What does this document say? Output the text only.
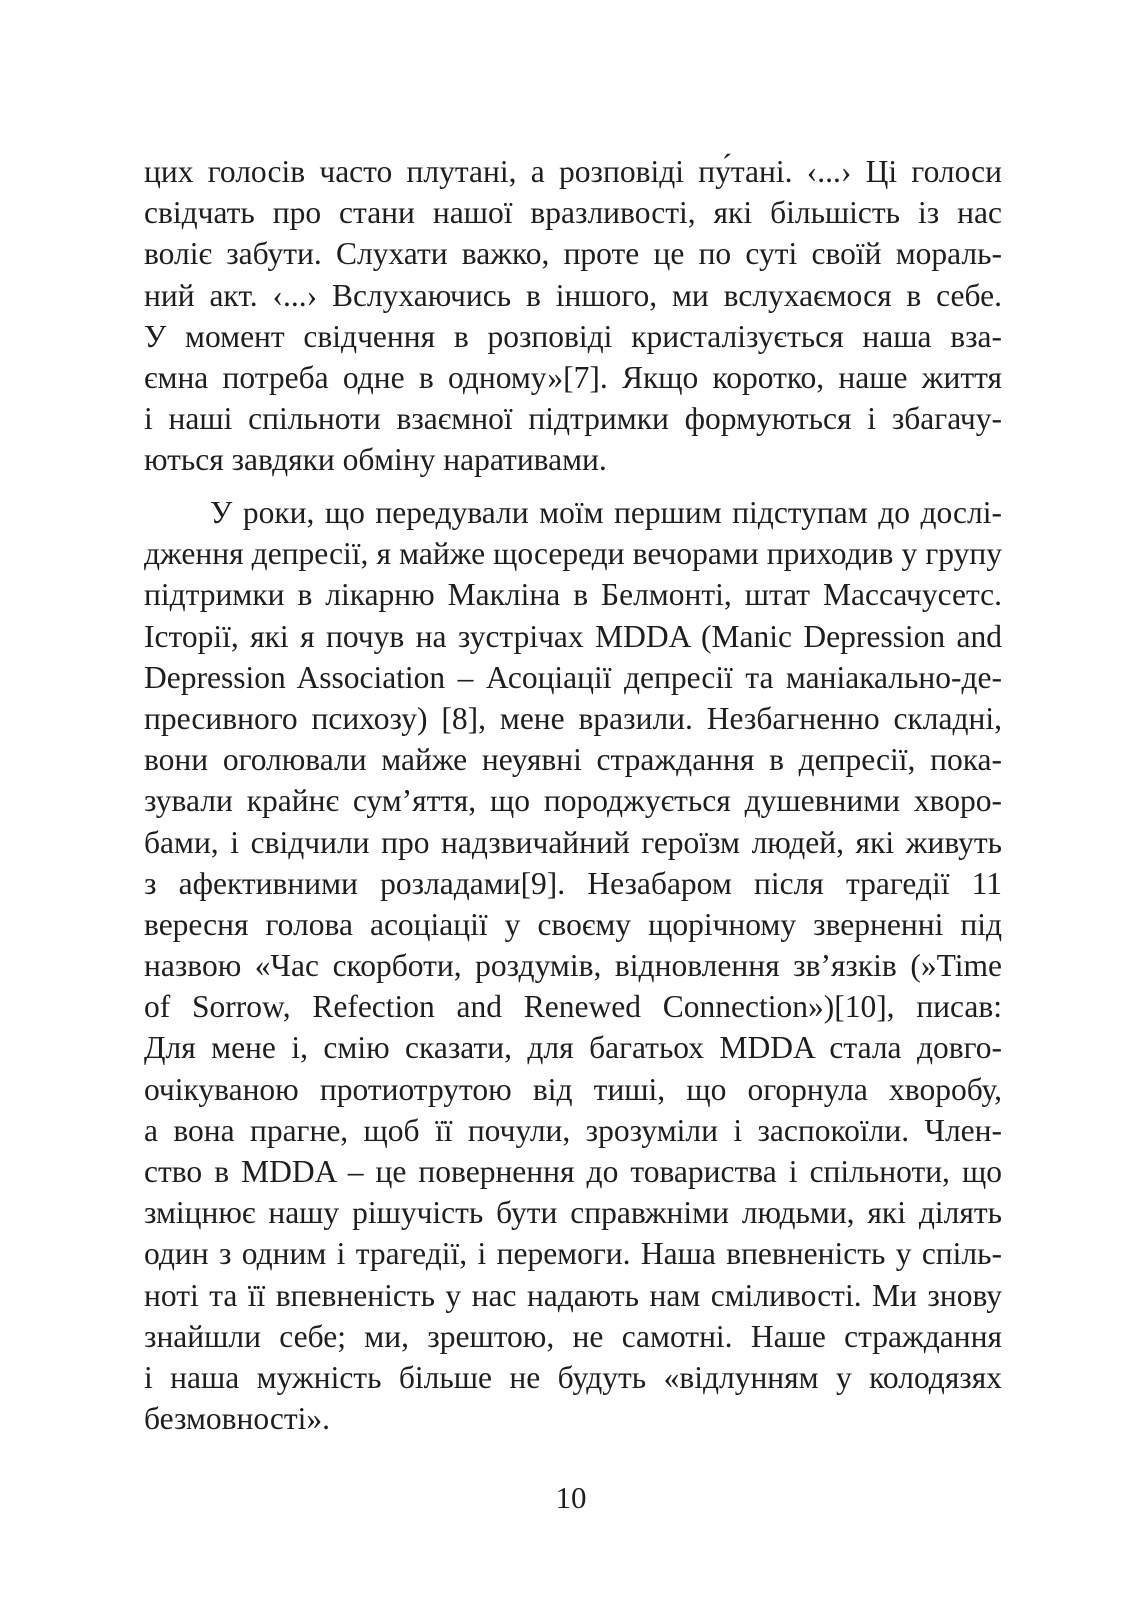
цих голосів часто плутані, а розповіді пу́тані. ‹...› Ці голоси
свідчать про стани нашої вразливості, які більшість із нас
воліє забути. Слухати важко, проте це по суті своїй мораль-
ний акт. ‹...› Вслухаючись в іншого, ми вслухаємося в себе.
У момент свідчення в розповіді кристалізується наша вза-
ємна потреба одне в одному»[7]. Якщо коротко, наше життя
і наші спільноти взаємної підтримки формуються і збагачу-
ються завдяки обміну наративами.
У роки, що передували моїм першим підступам до дослі-
дження депресії, я майже щосереди вечорами приходив у групу
підтримки в лікарню Макліна в Белмонті, штат Массачусетс.
Історії, які я почув на зустрічах MDDA (Manic Depression and
Depression Association – Асоціації депресії та маніакально-де-
пресивного психозу) [8], мене вразили. Незбагненно складні,
вони оголювали майже неуявні страждання в депресії, пока-
зували крайнє сум’яття, що породжується душевними хворо-
бами, і свідчили про надзвичайний героїзм людей, які живуть
з афективними розладами[9]. Незабаром після трагедії 11
вересня голова асоціації у своєму щорічному зверненні під
назвою «Час скорботи, роздумів, відновлення зв’язків (»Time
of Sorrow, Refection and Renewed Connection»)[10], писав:
Для мене і, смію сказати, для багатьох MDDA стала довго-
очікуваною протиотрутою від тиші, що огорнула хворобу,
а вона прагне, щоб її почули, зрозуміли і заспокоїли. Член-
ство в MDDA – це повернення до товариства і спільноти, що
зміцнює нашу рішучість бути справжніми людьми, які ділять
один з одним і трагедії, і перемоги. Наша впевненість у спіль-
ноті та її впевненість у нас надають нам сміливості. Ми знову
знайшли себе; ми, зрештою, не самотні. Наше страждання
і наша мужність більше не будуть «відлунням у колодязях
безмовності».
10
